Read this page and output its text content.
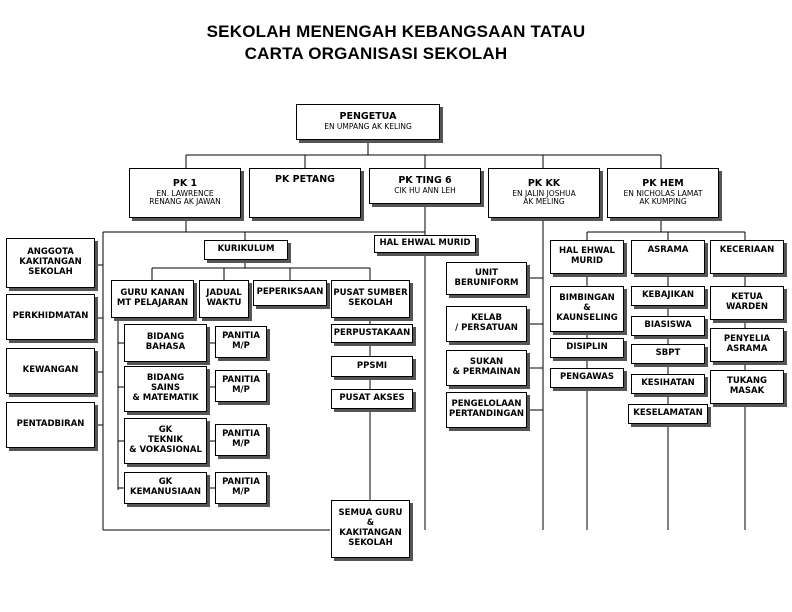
SEKOLAH MENENGAH KEBANGSAAN TATAU
CARTA ORGANISASI SEKOLAH
PENGETUA
EN UMPANG AK KELING
PK 1
EN. LAWRENCE
RENANG AK JAWAN
PK PETANG	PK TING 6
CIK HU ANN LEH
PK KK
EN JALIN JOSHUA
AK MELING
PK HEM
EN NICHOLAS LAMAT
AK KUMPING
ANGGOTA
KAKITANGAN
SEKOLAH
PERKHIDMATAN
KEWANGAN
PENTADBIRAN
KURIKULUM
GURU KANAN
MT PELAJARAN
JADUAL
WAKTU
PEPERIKSAAN PUSAT SUMBER
SEKOLAH
BIDANG
BAHASA
BIDANG
SAINS
& MATEMATIK
GK
TEKNIK
& VOKASIONAL
GK
KEMANUSIAAN
PANITIA
M/P
PANITIA
M/P
PANITIA
M/P
PANITIA
M/P
PERPUSTAKAAN
PPSMI
PUSAT AKSES
SEMUA GURU
&
KAKITANGAN
SEKOLAH
HAL EHWAL MURID
UNIT
BERUNIFORM
KELAB
/ PERSATUAN
SUKAN
& PERMAINAN
PENGELOLAAN
PERTANDINGAN
HAL EHWAL
MURID
ASRAMA	KECERIAAN
BIMBINGAN
&
KAUNSELING
DISIPLIN
PENGAWAS
KEBAJIKAN
BIASISWA
SBPT
KESIHATAN
KESELAMATAN
KETUA
WARDEN
PENYELIA
ASRAMA
TUKANG
MASAK
